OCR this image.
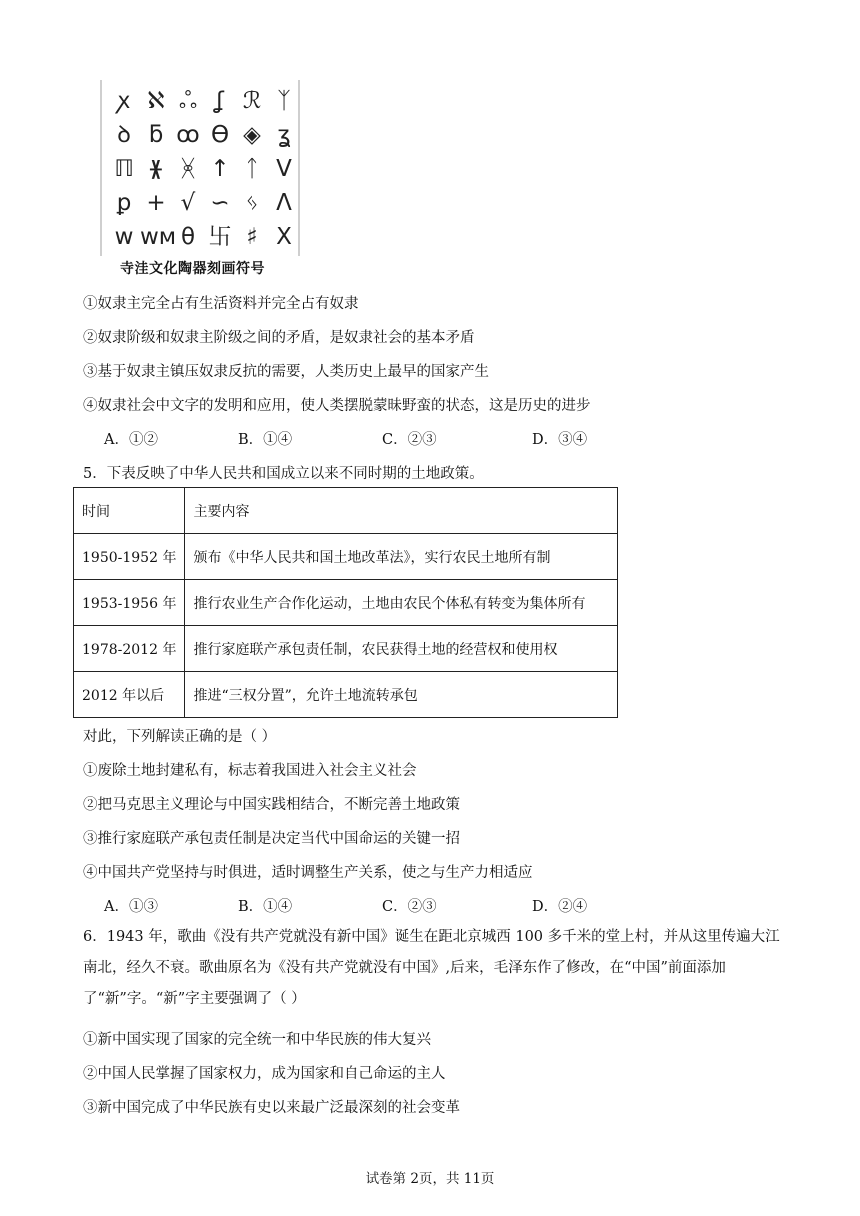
ꭗ ℵ ஃ ʆ ℛ ᛉ
ꝺ ƃ ꝏ ϴ ◈ ʓ
ℿ ᚕ ᚸ ↑ ᛏ V
ꝑ + √ ∽ ᛃ Λ
w ᴡᴍ θ 卐 ♯ X
寺洼文化陶器刻画符号
①奴隶主完全占有生活资料并完全占有奴隶
②奴隶阶级和奴隶主阶级之间的矛盾，是奴隶社会的基本矛盾
③基于奴隶主镇压奴隶反抗的需要，人类历史上最早的国家产生
④奴隶社会中文字的发明和应用，使人类摆脱蒙昧野蛮的状态，这是历史的进步
A．①②	B．①④	C．②③	D．③④
5．下表反映了中华人民共和国成立以来不同时期的土地政策。
时间	主要内容
1950-1952 年	颁布《中华人民共和国土地改革法》，实行农民土地所有制
1953-1956 年	推行农业生产合作化运动，土地由农民个体私有转变为集体所有
1978-2012 年	推行家庭联产承包责任制，农民获得土地的经营权和使用权
2012 年以后	推进“三权分置”，允许土地流转承包
对此，下列解读正确的是（ ）
①废除土地封建私有，标志着我国进入社会主义社会
②把马克思主义理论与中国实践相结合，不断完善土地政策
③推行家庭联产承包责任制是决定当代中国命运的关键一招
④中国共产党坚持与时俱进，适时调整生产关系，使之与生产力相适应
A．①③	B．①④	C．②③	D．②④
6．1943 年，歌曲《没有共产党就没有新中国》诞生在距北京城西 100 多千米的堂上村，并从这里传遍大江南北，经久不衰。歌曲原名为《没有共产党就没有中国》,后来，毛泽东作了修改，在“中国”前面添加了“新”字。“新”字主要强调了（ ）
①新中国实现了国家的完全统一和中华民族的伟大复兴
②中国人民掌握了国家权力，成为国家和自己命运的主人
③新中国完成了中华民族有史以来最广泛最深刻的社会变革
试卷第 2页，共 11页
